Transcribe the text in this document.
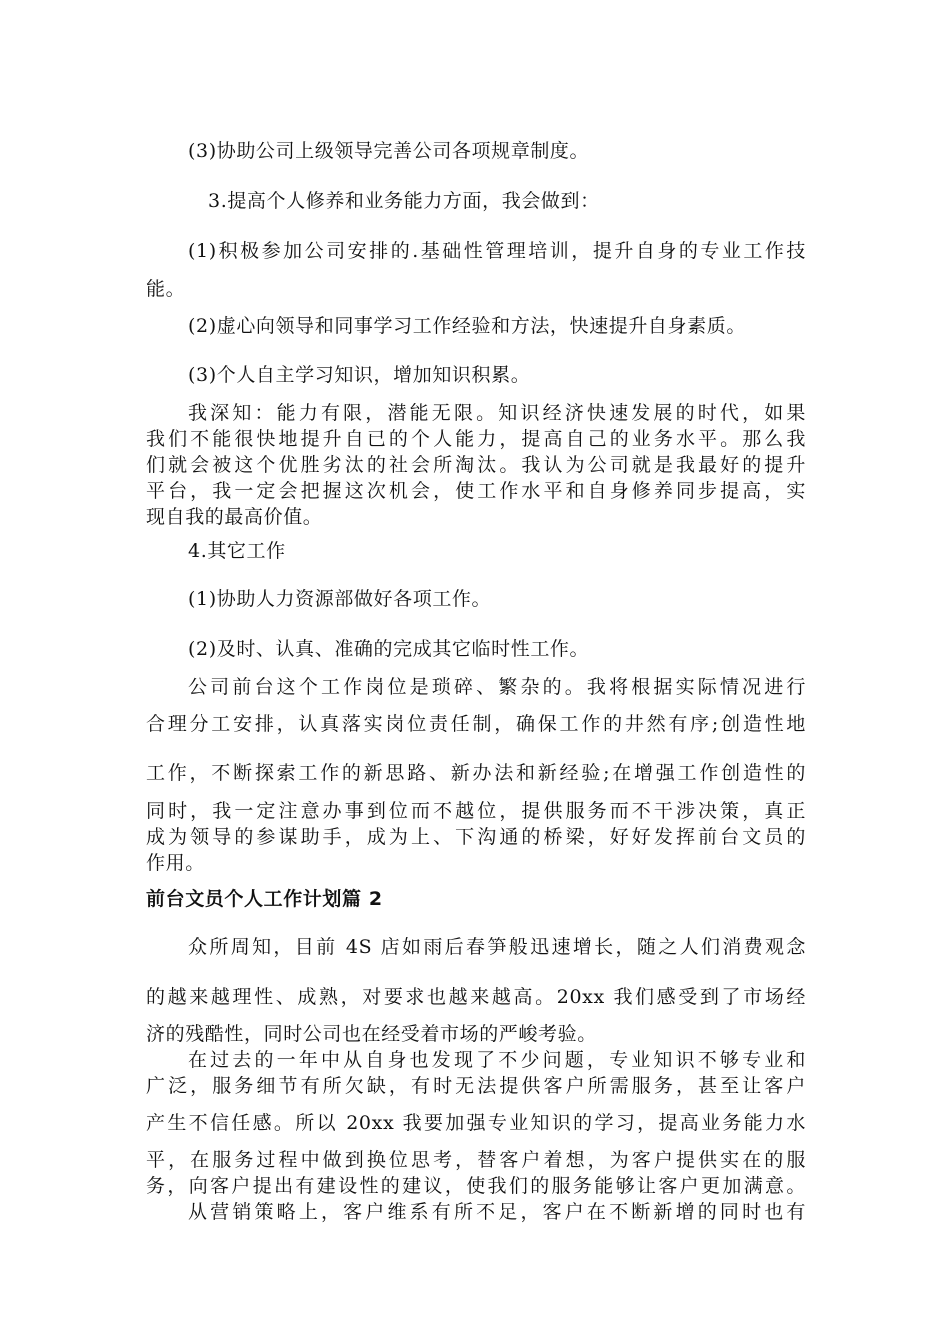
(3)协助公司上级领导完善公司各项规章制度。
3.提高个人修养和业务能力方面，我会做到：
(1)积极参加公司安排的.基础性管理培训，提升自身的专业工作技
能。
(2)虚心向领导和同事学习工作经验和方法，快速提升自身素质。
(3)个人自主学习知识，增加知识积累。
我深知：能力有限，潜能无限。知识经济快速发展的时代，如果
我们不能很快地提升自已的个人能力，提高自己的业务水平。那么我
们就会被这个优胜劣汰的社会所淘汰。我认为公司就是我最好的提升
平台，我一定会把握这次机会，使工作水平和自身修养同步提高，实
现自我的最高价值。
4.其它工作
(1)协助人力资源部做好各项工作。
(2)及时、认真、准确的完成其它临时性工作。
公司前台这个工作岗位是琐碎、繁杂的。我将根据实际情况进行
合理分工安排，认真落实岗位责任制，确保工作的井然有序;创造性地
工作，不断探索工作的新思路、新办法和新经验;在增强工作创造性的
同时，我一定注意办事到位而不越位，提供服务而不干涉决策，真正
成为领导的参谋助手，成为上、下沟通的桥梁，好好发挥前台文员的
作用。
前台文员个人工作计划篇 2
众所周知，目前 4S 店如雨后春笋般迅速增长，随之人们消费观念
的越来越理性、成熟，对要求也越来越高。20xx 我们感受到了市场经
济的残酷性，同时公司也在经受着市场的严峻考验。
在过去的一年中从自身也发现了不少问题，专业知识不够专业和
广泛，服务细节有所欠缺，有时无法提供客户所需服务，甚至让客户
产生不信任感。所以 20xx 我要加强专业知识的学习，提高业务能力水
平，在服务过程中做到换位思考，替客户着想，为客户提供实在的服
务，向客户提出有建设性的建议，使我们的服务能够让客户更加满意。
从营销策略上，客户维系有所不足，客户在不断新增的同时也有
